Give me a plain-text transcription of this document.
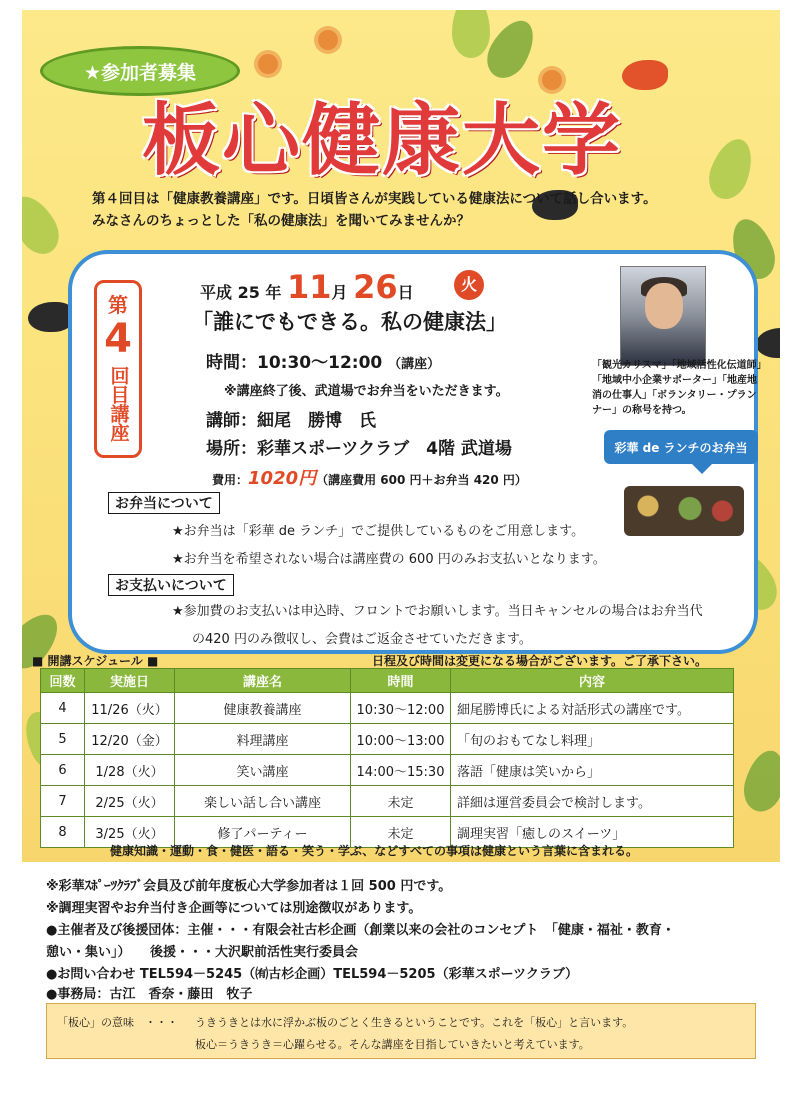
★参加者募集
板心健康大学
第４回目は「健康教養講座」です。日頃皆さんが実践している健康法について話し合います。
みなさんのちょっとした「私の健康法」を聞いてみませんか？
第
4
回目講座
平成 25 年 11月 26日	火
「誰にでもできる。私の健康法」
時間：10:30～12:00 （講座）
※講座終了後、武道場でお弁当をいただきます。
講師：細尾　勝博　氏
場所：彩華スポーツクラブ　4階 武道場
費用：1020円（講座費用 600 円＋お弁当 420 円）
「観光カリスマ」「地域活性化伝道師」「地域中小企業サポーター」「地産地消の仕事人」「ボランタリー・プランナー」の称号を持つ。
彩華 de ランチのお弁当
お弁当について
★お弁当は「彩華 de ランチ」でご提供しているものをご用意します。
★お弁当を希望されない場合は講座費の 600 円のみお支払いとなります。
お支払いについて
★参加費のお支払いは申込時、フロントでお願いします。当日キャンセルの場合はお弁当代
の420 円のみ徴収し、会費はご返金させていただきます。
■ 開講スケジュール ■	日程及び時間は変更になる場合がございます。ご了承下さい。
回数	実施日	講座名	時間	内容
4	11/26（火）	健康教養講座	10:30～12:00	細尾勝博氏による対話形式の講座です。
5	12/20（金）	料理講座	10:00～13:00	「旬のおもてなし料理」
6	1/28（火）	笑い講座	14:00～15:30	落語「健康は笑いから」
7	2/25（火）	楽しい話し合い講座	未定	詳細は運営委員会で検討します。
8	3/25（火）	修了パーティー	未定	調理実習「癒しのスイーツ」
健康知識・運動・食・健医・語る・笑う・学ぶ、などすべての事項は健康という言葉に含まれる。
※彩華ｽﾎﾟｰﾂｸﾗﾌﾞ会員及び前年度板心大学参加者は１回 500 円です。
※調理実習やお弁当付き企画等については別途徴収があります。
●主催者及び後援団体：主催・・・有限会社古杉企画（創業以来の会社のコンセプト　「健康・福祉・教育・
憩い・集い」）　　後援・・・大沢駅前活性実行委員会
●お問い合わせ TEL594－5245（㈲古杉企画）TEL594－5205（彩華スポーツクラブ）
●事務局：古江　香奈・藤田　牧子
「板心」の意味　・・・ うきうきとは水に浮かぶ板のごとく生きるということです。これを「板心」と言います。
板心＝うきうき＝心躍らせる。そんな講座を目指していきたいと考えています。
